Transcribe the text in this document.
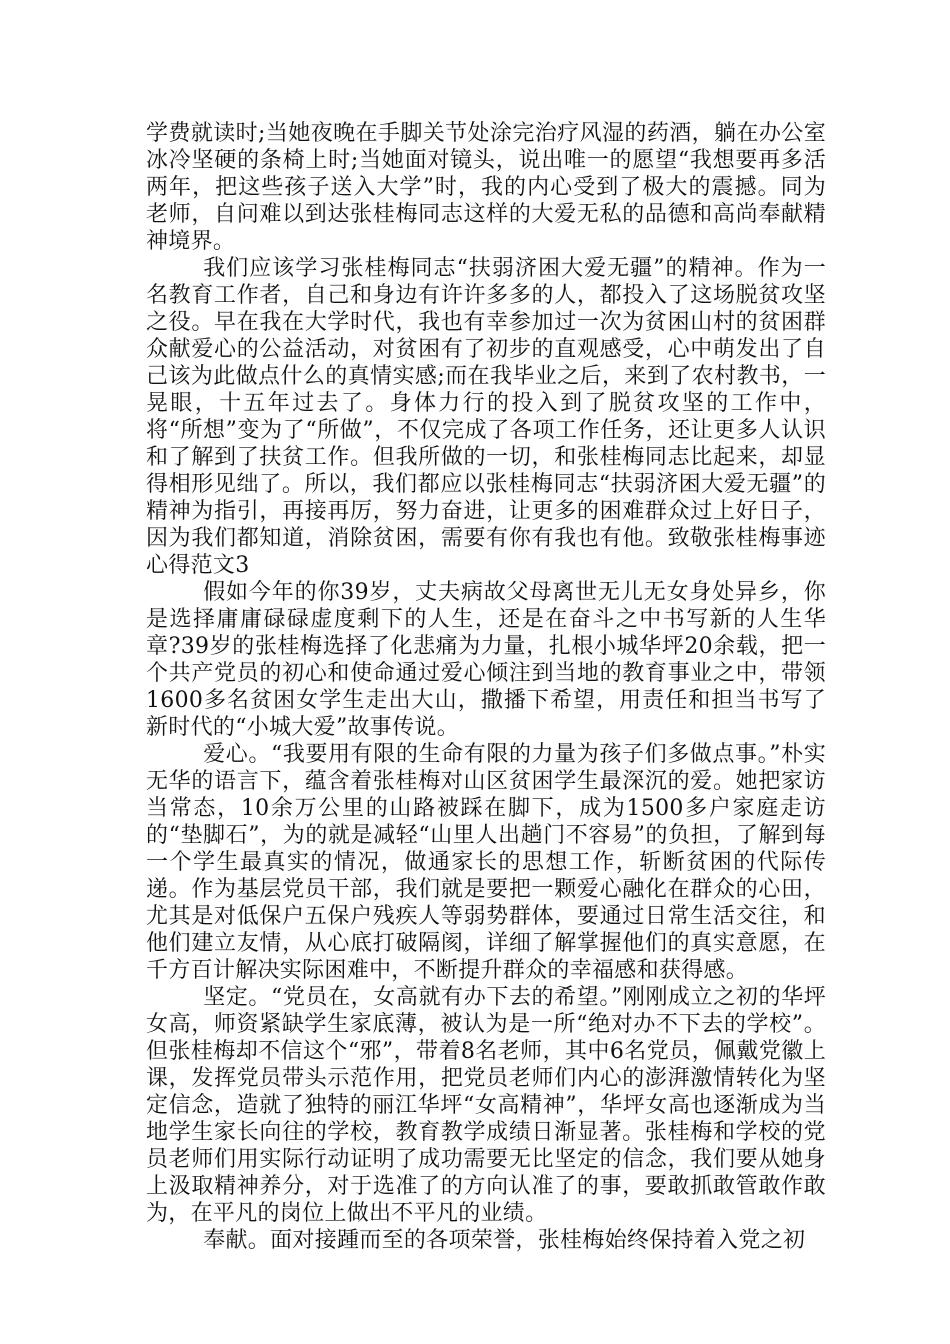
学费就读时;当她夜晚在手脚关节处涂完治疗风湿的药酒，躺在办公室冰冷坚硬的条椅上时;当她面对镜头，说出唯一的愿望“我想要再多活两年，把这些孩子送入大学”时，我的内心受到了极大的震撼。同为老师，自问难以到达张桂梅同志这样的大爱无私的品德和高尚奉献精神境界。

我们应该学习张桂梅同志“扶弱济困大爱无疆”的精神。作为一名教育工作者，自己和身边有许许多多的人，都投入了这场脱贫攻坚之役。早在我在大学时代，我也有幸参加过一次为贫困山村的贫困群众献爱心的公益活动，对贫困有了初步的直观感受，心中萌发出了自己该为此做点什么的真情实感;而在我毕业之后，来到了农村教书，一晃眼，十五年过去了。身体力行的投入到了脱贫攻坚的工作中，将“所想”变为了“所做”，不仅完成了各项工作任务，还让更多人认识和了解到了扶贫工作。但我所做的一切，和张桂梅同志比起来，却显得相形见绌了。所以，我们都应以张桂梅同志“扶弱济困大爱无疆”的精神为指引，再接再厉，努力奋进，让更多的困难群众过上好日子，因为我们都知道，消除贫困，需要有你有我也有他。致敬张桂梅事迹心得范文3

假如今年的你39岁，丈夫病故父母离世无儿无女身处异乡，你是选择庸庸碌碌虚度剩下的人生，还是在奋斗之中书写新的人生华章?39岁的张桂梅选择了化悲痛为力量，扎根小城华坪20余载，把一个共产党员的初心和使命通过爱心倾注到当地的教育事业之中，带领1600多名贫困女学生走出大山，撒播下希望，用责任和担当书写了新时代的“小城大爱”故事传说。

爱心。“我要用有限的生命有限的力量为孩子们多做点事。”朴实无华的语言下，蕴含着张桂梅对山区贫困学生最深沉的爱。她把家访当常态，10余万公里的山路被踩在脚下，成为1500多户家庭走访的“垫脚石”，为的就是减轻“山里人出趟门不容易”的负担，了解到每一个学生最真实的情况，做通家长的思想工作，斩断贫困的代际传递。作为基层党员干部，我们就是要把一颗爱心融化在群众的心田，尤其是对低保户五保户残疾人等弱势群体，要通过日常生活交往，和他们建立友情，从心底打破隔阂，详细了解掌握他们的真实意愿，在千方百计解决实际困难中，不断提升群众的幸福感和获得感。

坚定。“党员在，女高就有办下去的希望。”刚刚成立之初的华坪女高，师资紧缺学生家底薄，被认为是一所“绝对办不下去的学校”。但张桂梅却不信这个“邪”，带着8名老师，其中6名党员，佩戴党徽上课，发挥党员带头示范作用，把党员老师们内心的澎湃激情转化为坚定信念，造就了独特的丽江华坪“女高精神”，华坪女高也逐渐成为当地学生家长向往的学校，教育教学成绩日渐显著。张桂梅和学校的党员老师们用实际行动证明了成功需要无比坚定的信念，我们要从她身上汲取精神养分，对于选准了的方向认准了的事，要敢抓敢管敢作敢为，在平凡的岗位上做出不平凡的业绩。

奉献。面对接踵而至的各项荣誉，张桂梅始终保持着入党之初
